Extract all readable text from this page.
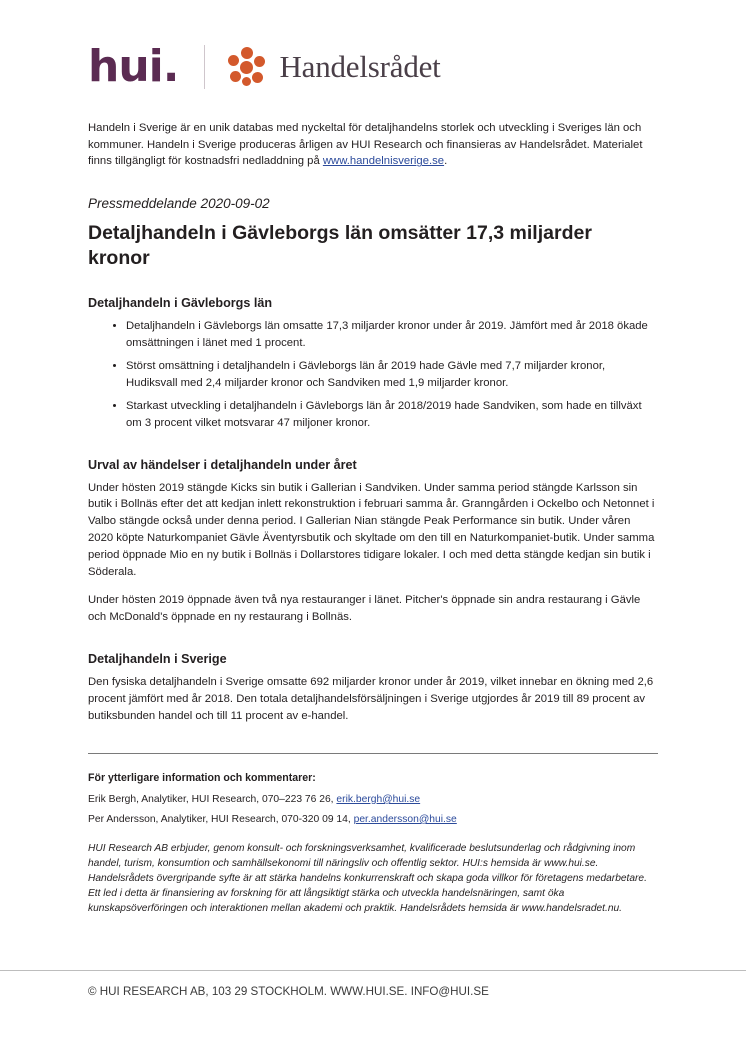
hui.	Handelsrådet
Handeln i Sverige är en unik databas med nyckeltal för detaljhandelns storlek och utveckling i Sveriges län och kommuner. Handeln i Sverige produceras årligen av HUI Research och finansieras av Handelsrådet. Materialet finns tillgängligt för kostnadsfri nedladdning på www.handelnisverige.se.
Pressmeddelande 2020-09-02
Detaljhandeln i Gävleborgs län omsätter 17,3 miljarder kronor
Detaljhandeln i Gävleborgs län
• Detaljhandeln i Gävleborgs län omsatte 17,3 miljarder kronor under år 2019. Jämfört med år 2018 ökade omsättningen i länet med 1 procent.
• Störst omsättning i detaljhandeln i Gävleborgs län år 2019 hade Gävle med 7,7 miljarder kronor, Hudiksvall med 2,4 miljarder kronor och Sandviken med 1,9 miljarder kronor.
• Starkast utveckling i detaljhandeln i Gävleborgs län år 2018/2019 hade Sandviken, som hade en tillväxt om 3 procent vilket motsvarar 47 miljoner kronor.
Urval av händelser i detaljhandeln under året

Under hösten 2019 stängde Kicks sin butik i Gallerian i Sandviken. Under samma period stängde Karlsson sin butik i Bollnäs efter det att kedjan inlett rekonstruktion i februari samma år. Granngården i Ockelbo och Netonnet i Valbo stängde också under denna period. I Gallerian Nian stängde Peak Performance sin butik. Under våren 2020 köpte Naturkompaniet Gävle Äventyrsbutik och skyltade om den till en Naturkompaniet-butik. Under samma period öppnade Mio en ny butik i Bollnäs i Dollarstores tidigare lokaler. I och med detta stängde kedjan sin butik i Söderala.

Under hösten 2019 öppnade även två nya restauranger i länet. Pitcher's öppnade sin andra restaurang i Gävle och McDonald's öppnade en ny restaurang i Bollnäs.

Detaljhandeln i Sverige

Den fysiska detaljhandeln i Sverige omsatte 692 miljarder kronor under år 2019, vilket innebar en ökning med 2,6 procent jämfört med år 2018. Den totala detaljhandelsförsäljningen i Sverige utgjordes år 2019 till 89 procent av butiksbunden handel och till 11 procent av e-handel.

För ytterligare information och kommentarer:
Erik Bergh, Analytiker, HUI Research, 070–223 76 26, erik.bergh@hui.se
Per Andersson, Analytiker, HUI Research, 070-320 09 14, per.andersson@hui.se
HUI Research AB erbjuder, genom konsult- och forskningsverksamhet, kvalificerade beslutsunderlag och rådgivning inom handel, turism, konsumtion och samhällsekonomi till näringsliv och offentlig sektor. HUI:s hemsida är www.hui.se. Handelsrådets övergripande syfte är att stärka handelns konkurrenskraft och skapa goda villkor för företagens medarbetare. Ett led i detta är finansiering av forskning för att långsiktigt stärka och utveckla handelsnäringen, samt öka kunskapsöverföringen och interaktionen mellan akademi och praktik. Handelsrådets hemsida är www.handelsradet.nu.
© HUI RESEARCH AB, 103 29 STOCKHOLM. WWW.HUI.SE. INFO@HUI.SE
